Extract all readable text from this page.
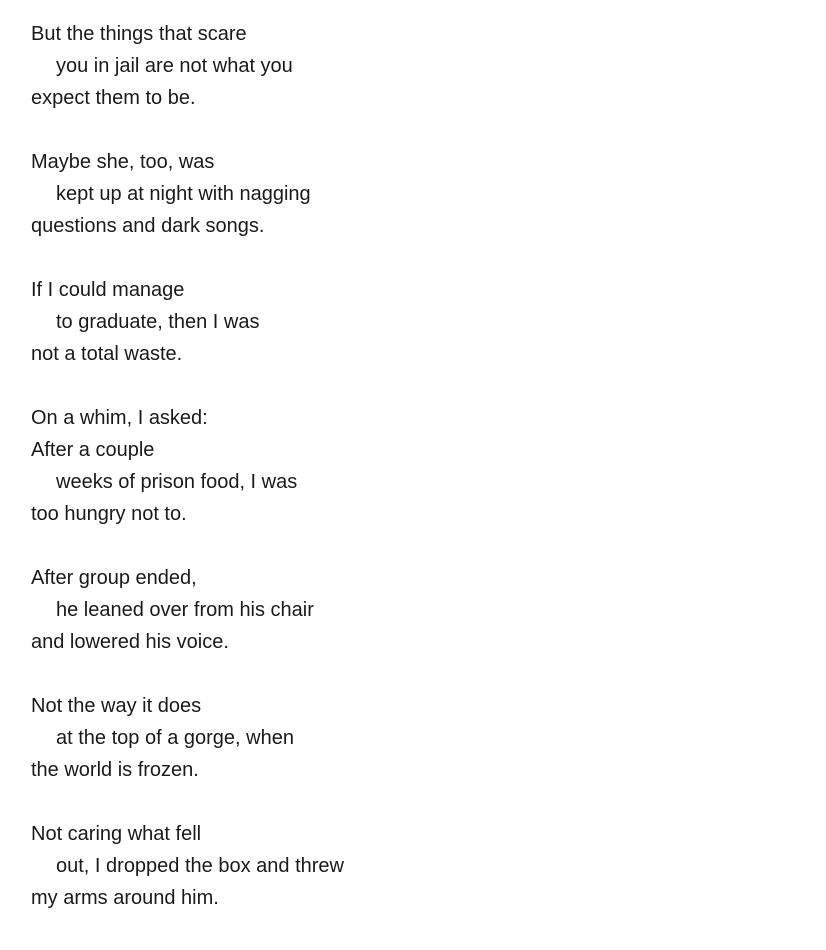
But the things that scare
you in jail are not what you
expect them to be.
Maybe she, too, was
kept up at night with nagging
questions and dark songs.
If I could manage
to graduate, then I was
not a total waste.
On a whim, I asked:
After a couple
weeks of prison food, I was
too hungry not to.
After group ended,
he leaned over from his chair
and lowered his voice.
Not the way it does
at the top of a gorge, when
the world is frozen.
Not caring what fell
out, I dropped the box and threw
my arms around him.
